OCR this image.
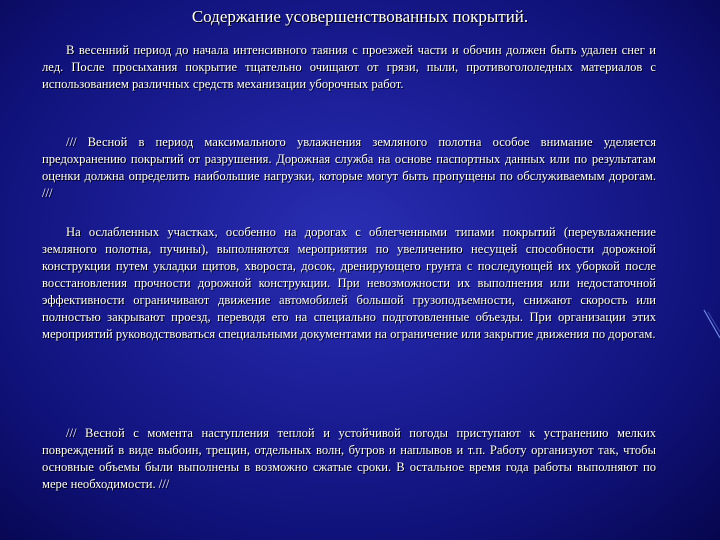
Содержание усовершенствованных покрытий.

В весенний период до начала интенсивного таяния с проезжей части и обочин должен быть удален снег и лед. После просыхания покрытие тщательно очищают от грязи, пыли, противогололедных материалов с использованием различных средств механизации уборочных работ.

/// Весной в период максимального увлажнения земляного полотна особое внимание уделяется предохранению покрытий от разрушения. Дорожная служба на основе паспортных данных или по результатам оценки должна определить наибольшие нагрузки, которые могут быть пропущены по обслуживаемым дорогам. ///

На ослабленных участках, особенно на дорогах с облегченными типами покрытий (переувлажнение земляного полотна, пучины), выполняются мероприятия по увеличению несущей способности дорожной конструкции путем укладки щитов, хвороста, досок, дренирующего грунта с последующей их уборкой после восстановления прочности дорожной конструкции. При невозможности их выполнения или недостаточной эффективности ограничивают движение автомобилей большой грузоподъемности, снижают скорость или полностью закрывают проезд, переводя его на специально подготовленные объезды. При организации этих мероприятий руководствоваться специальными документами на ограничение или закрытие движения по дорогам.

/// Весной с момента наступления теплой и устойчивой погоды приступают к устранению мелких повреждений в виде выбоин, трещин, отдельных волн, бугров и наплывов и т.п. Работу организуют так, чтобы основные объемы были выполнены в возможно сжатые сроки. В остальное время года работы выполняют по мере необходимости. ///
